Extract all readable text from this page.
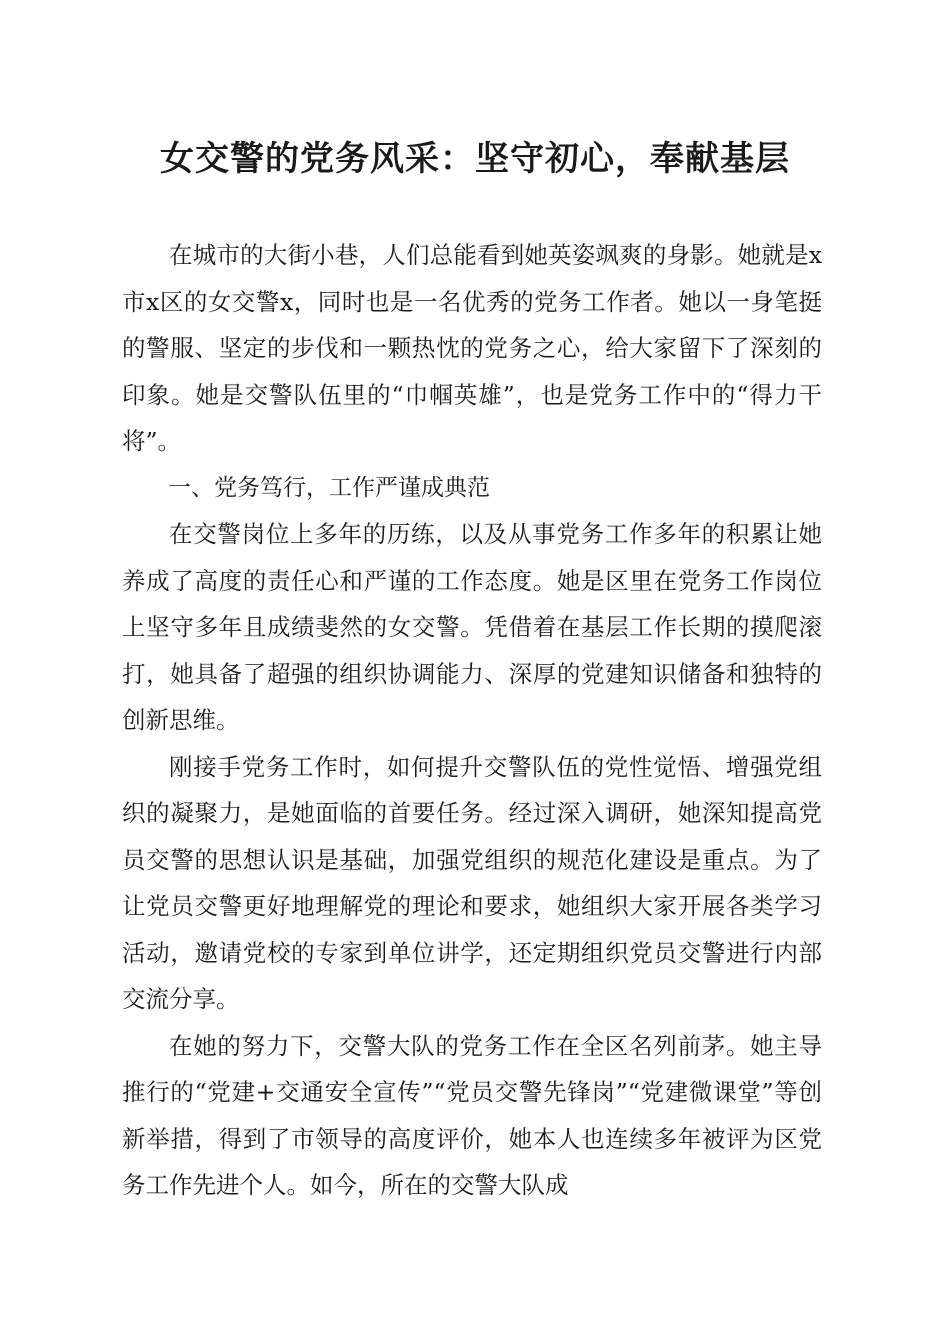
女交警的党务风采：坚守初心，奉献基层

在城市的大街小巷，人们总能看到她英姿飒爽的身影。她就是x市x区的女交警x，同时也是一名优秀的党务工作者。她以一身笔挺的警服、坚定的步伐和一颗热忱的党务之心，给大家留下了深刻的印象。她是交警队伍里的“巾帼英雄”，也是党务工作中的“得力干将”。

一、党务笃行，工作严谨成典范

在交警岗位上多年的历练，以及从事党务工作多年的积累让她养成了高度的责任心和严谨的工作态度。她是区里在党务工作岗位上坚守多年且成绩斐然的女交警。凭借着在基层工作长期的摸爬滚打，她具备了超强的组织协调能力、深厚的党建知识储备和独特的创新思维。

刚接手党务工作时，如何提升交警队伍的党性觉悟、增强党组织的凝聚力，是她面临的首要任务。经过深入调研，她深知提高党员交警的思想认识是基础，加强党组织的规范化建设是重点。为了让党员交警更好地理解党的理论和要求，她组织大家开展各类学习活动，邀请党校的专家到单位讲学，还定期组织党员交警进行内部交流分享。

在她的努力下，交警大队的党务工作在全区名列前茅。她主导推行的“党建+交通安全宣传”“党员交警先锋岗”“党建微课堂”等创新举措，得到了市领导的高度评价，她本人也连续多年被评为区党务工作先进个人。如今，所在的交警大队成
